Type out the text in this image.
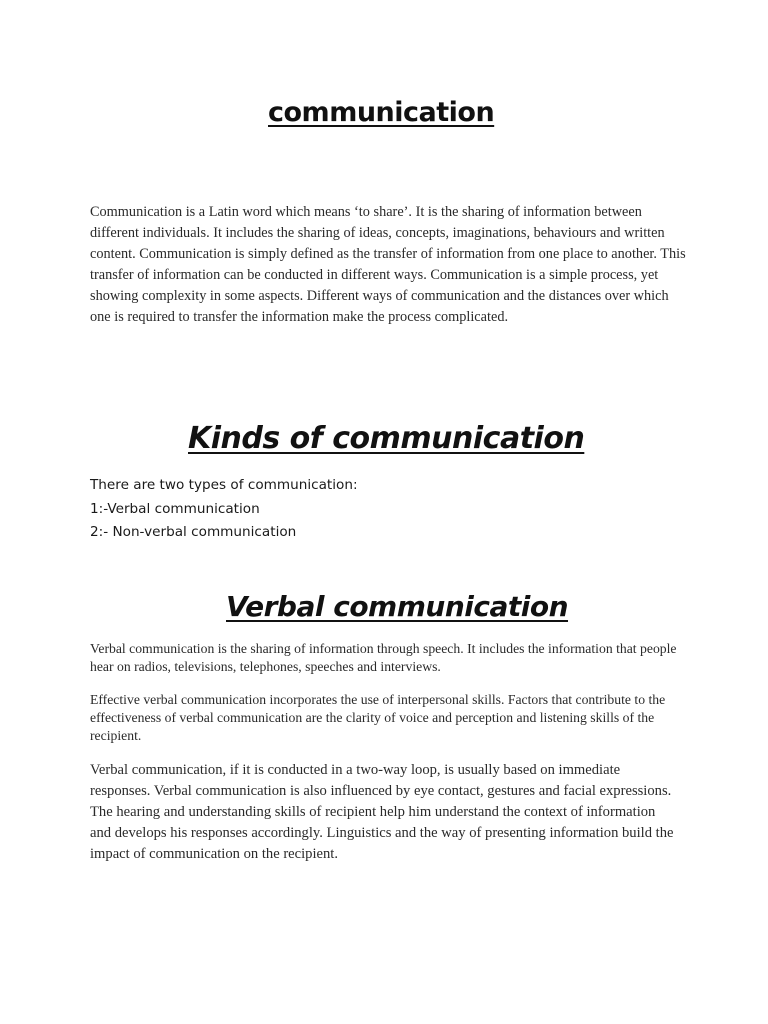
communication

Communication is a Latin word which means ‘to share’. It is the sharing of information between different individuals. It includes the sharing of ideas, concepts, imaginations, behaviours and written content. Communication is simply defined as the transfer of information from one place to another. This transfer of information can be conducted in different ways. Communication is a simple process, yet showing complexity in some aspects. Different ways of communication and the distances over which one is required to transfer the information make the process complicated.

Kinds of communication
There are two types of communication:
1:-Verbal communication
2:- Non-verbal communication
Verbal communication

Verbal communication is the sharing of information through speech. It includes the information that people hear on radios, televisions, telephones, speeches and interviews.

Effective verbal communication incorporates the use of interpersonal skills. Factors that contribute to the effectiveness of verbal communication are the clarity of voice and perception and listening skills of the recipient.

Verbal communication, if it is conducted in a two-way loop, is usually based on immediate responses. Verbal communication is also influenced by eye contact, gestures and facial expressions. The hearing and understanding skills of recipient help him understand the context of information and develops his responses accordingly. Linguistics and the way of presenting information build the impact of communication on the recipient.
